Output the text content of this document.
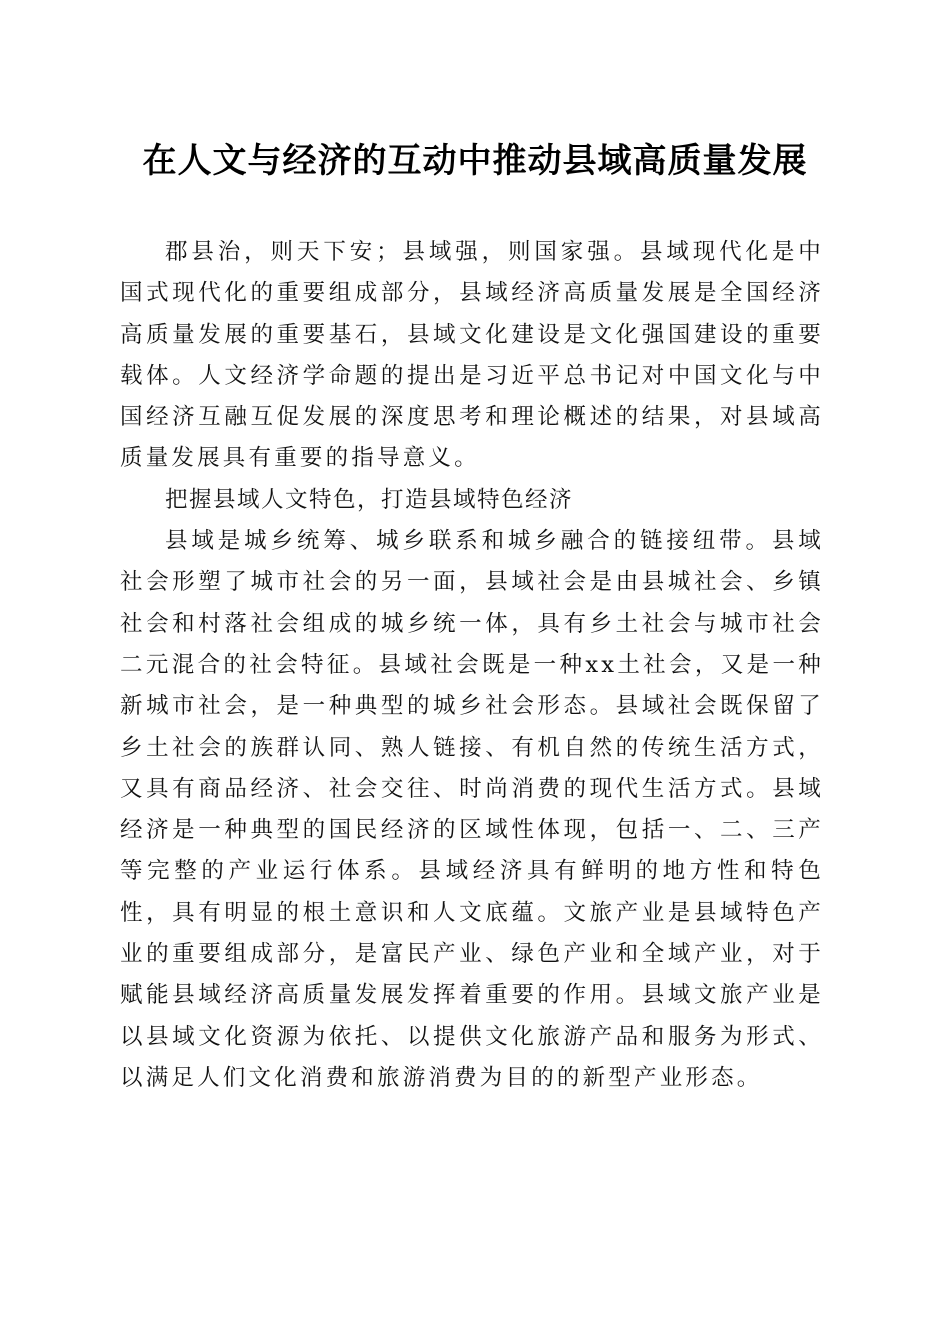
在人文与经济的互动中推动县域高质量发展

郡县治，则天下安；县域强，则国家强。县域现代化是中国式现代化的重要组成部分，县域经济高质量发展是全国经济高质量发展的重要基石，县域文化建设是文化强国建设的重要载体。人文经济学命题的提出是习近平总书记对中国文化与中国经济互融互促发展的深度思考和理论概述的结果，对县域高质量发展具有重要的指导意义。

把握县域人文特色，打造县域特色经济

县域是城乡统筹、城乡联系和城乡融合的链接纽带。县域社会形塑了城市社会的另一面，县域社会是由县城社会、乡镇社会和村落社会组成的城乡统一体，具有乡土社会与城市社会二元混合的社会特征。县域社会既是一种xx土社会，又是一种新城市社会，是一种典型的城乡社会形态。县域社会既保留了乡土社会的族群认同、熟人链接、有机自然的传统生活方式，又具有商品经济、社会交往、时尚消费的现代生活方式。县域经济是一种典型的国民经济的区域性体现，包括一、二、三产等完整的产业运行体系。县域经济具有鲜明的地方性和特色性，具有明显的根土意识和人文底蕴。文旅产业是县域特色产业的重要组成部分，是富民产业、绿色产业和全域产业，对于赋能县域经济高质量发展发挥着重要的作用。县域文旅产业是以县域文化资源为依托、以提供文化旅游产品和服务为形式、以满足人们文化消费和旅游消费为目的的新型产业形态。
